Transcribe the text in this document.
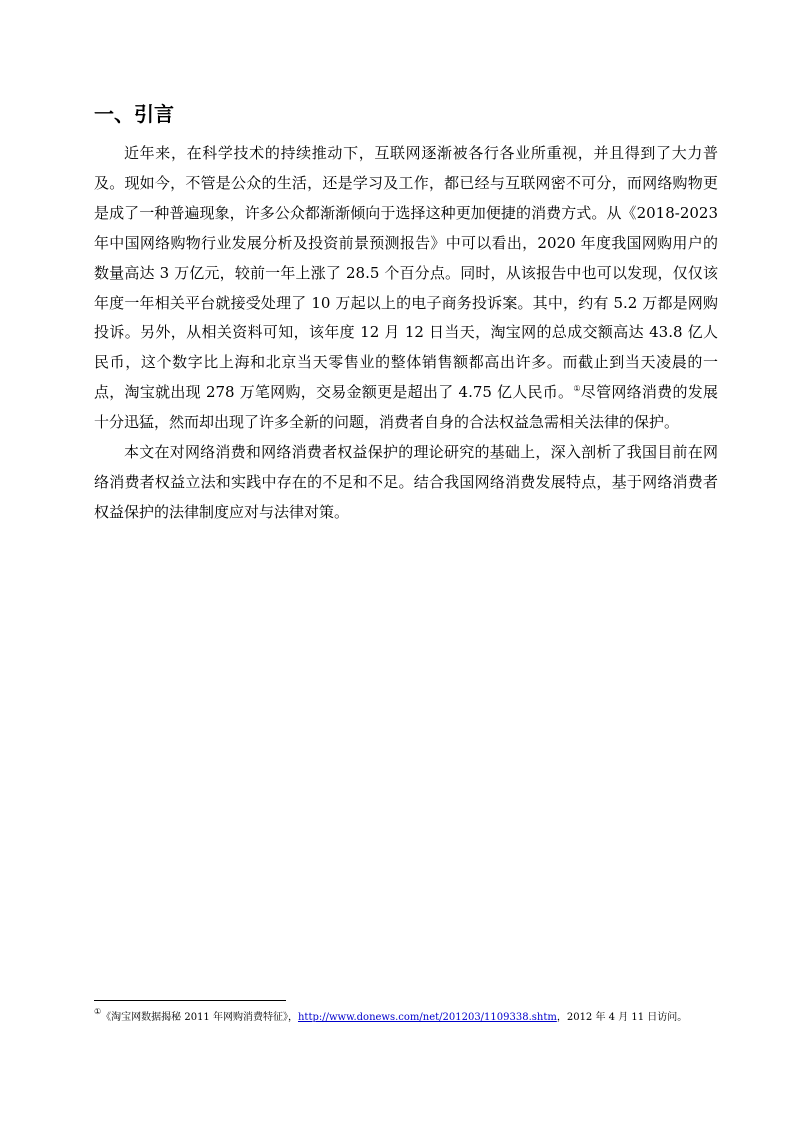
一、引言

近年来，在科学技术的持续推动下，互联网逐渐被各行各业所重视，并且得到了大力普及。现如今，不管是公众的生活，还是学习及工作，都已经与互联网密不可分，而网络购物更是成了一种普遍现象，许多公众都渐渐倾向于选择这种更加便捷的消费方式。从《2018-2023 年中国网络购物行业发展分析及投资前景预测报告》中可以看出，2020 年度我国网购用户的数量高达 3 万亿元，较前一年上涨了 28.5 个百分点。同时，从该报告中也可以发现，仅仅该年度一年相关平台就接受处理了 10 万起以上的电子商务投诉案。其中，约有 5.2 万都是网购投诉。另外，从相关资料可知，该年度 12 月 12 日当天，淘宝网的总成交额高达 43.8 亿人民币，这个数字比上海和北京当天零售业的整体销售额都高出许多。而截止到当天凌晨的一点，淘宝就出现 278 万笔网购，交易金额更是超出了 4.75 亿人民币。①尽管网络消费的发展十分迅猛，然而却出现了许多全新的问题，消费者自身的合法权益急需相关法律的保护。

本文在对网络消费和网络消费者权益保护的理论研究的基础上，深入剖析了我国目前在网络消费者权益立法和实践中存在的不足和不足。结合我国网络消费发展特点，基于网络消费者权益保护的法律制度应对与法律对策。

①《淘宝网数据揭秘 2011 年网购消费特征》，http://www.donews.com/net/201203/1109338.shtm，2012 年 4 月 11 日访问。
